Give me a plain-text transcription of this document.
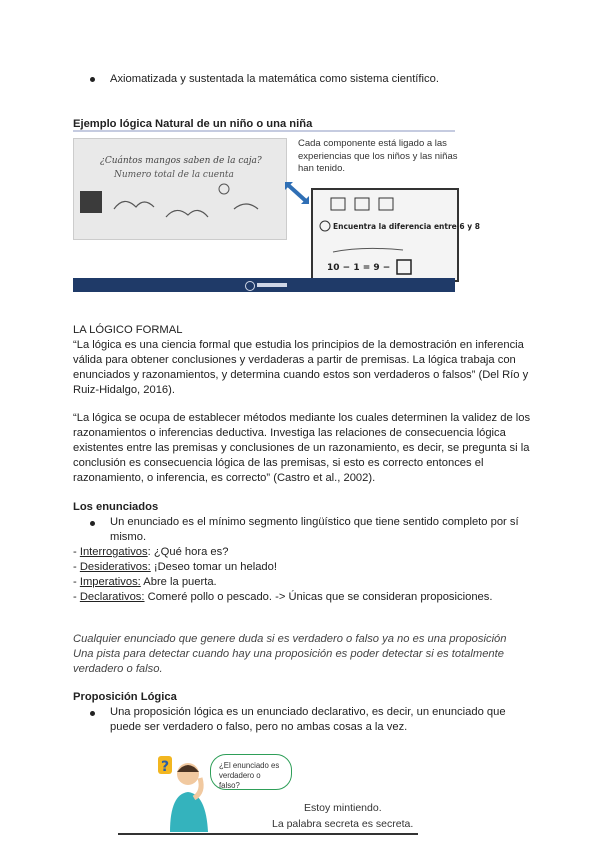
Axiomatizada y sustentada la matemática como sistema científico.
Ejemplo lógica Natural de un niño o una niña
¿Cuántos mangos saben de la caja?
Numero total de la cuenta
Cada componente está ligado a las experiencias que los niños y las niñas han tenido.
Encuentra la diferencia entre 6 y 8
10 − 1 = 9 −
LA LÓGICO FORMAL
“La lógica es una ciencia formal que estudia los principios de la demostración en inferencia
válida para obtener conclusiones y verdaderas a partir de premisas. La lógica trabaja con
enunciados y razonamientos, y determina cuando estos son verdaderos o falsos” (Del Río y
Ruiz-Hidalgo, 2016).
“La lógica se ocupa de establecer métodos mediante los cuales determinen la validez de los
razonamientos o inferencias deductiva. Investiga las relaciones de consecuencia lógica
existentes entre las premisas y conclusiones de un razonamiento, es decir, se pregunta si la
conclusión es consecuencia lógica de las premisas, si esto es correcto entonces el
razonamiento, o inferencia, es correcto” (Castro et al., 2002).
Los enunciados
Un enunciado es el mínimo segmento lingüístico que tiene sentido completo por sí
mismo.
- Interrogativos: ¿Qué hora es?
- Desiderativos: ¡Deseo tomar un helado!
- Imperativos: Abre la puerta.
- Declarativos: Comeré pollo o pescado. -> Únicas que se consideran proposiciones.
Cualquier enunciado que genere duda si es verdadero o falso ya no es una proposición
Una pista para detectar cuando hay una proposición es poder detectar si es totalmente
verdadero o falso.
Proposición Lógica
Una proposición lógica es un enunciado declarativo, es decir, un enunciado que
puede ser verdadero o falso, pero no ambas cosas a la vez.
?	¿El enunciado es verdadero o falso?
Estoy mintiendo.
La palabra secreta es secreta.
